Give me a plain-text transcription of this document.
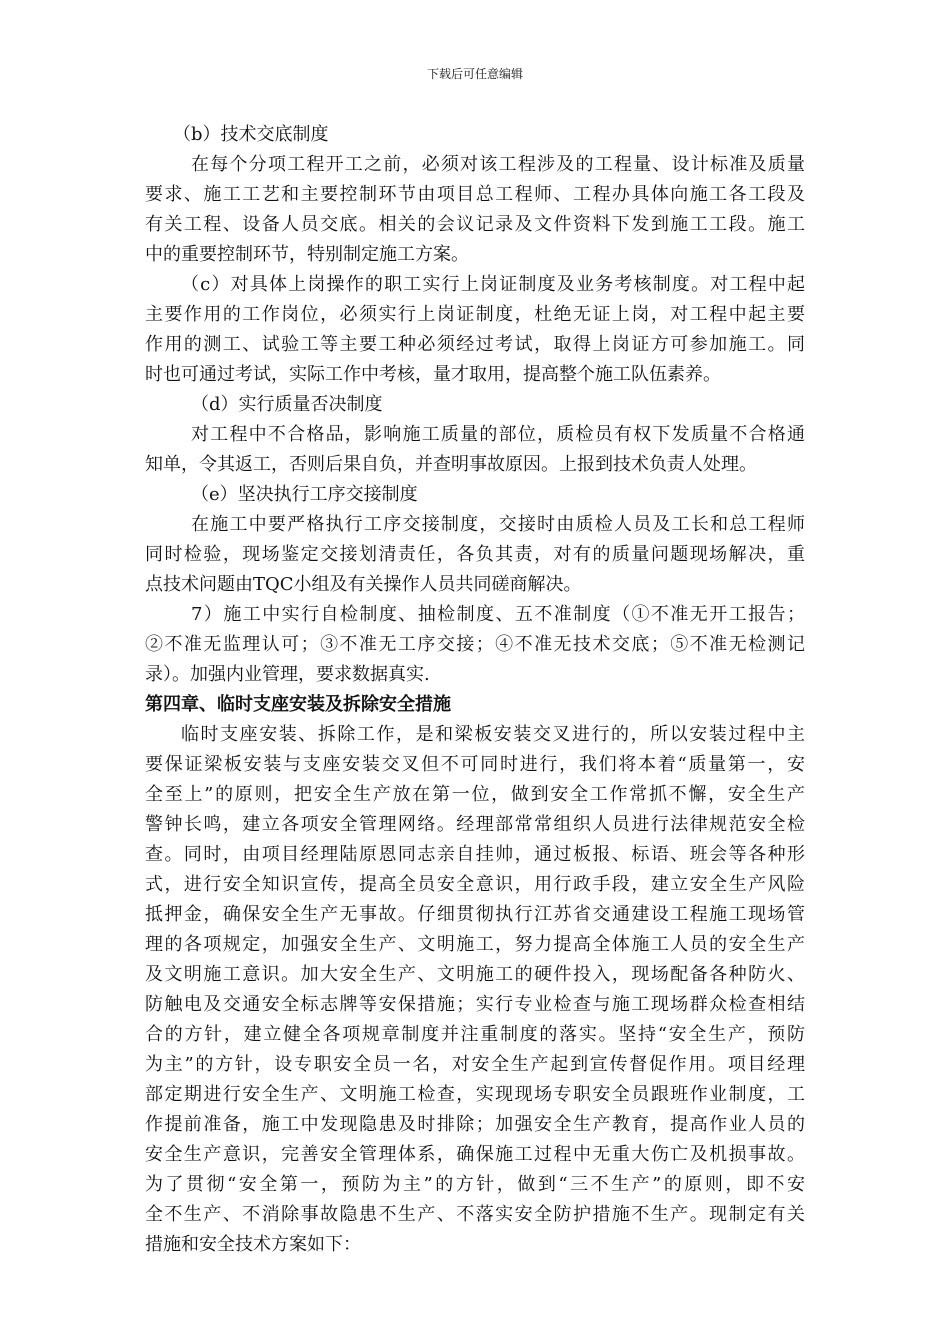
下载后可任意编辑
（b）技术交底制度
在每个分项工程开工之前，必须对该工程涉及的工程量、设计标准及质量
要求、施工工艺和主要控制环节由项目总工程师、工程办具体向施工各工段及
有关工程、设备人员交底。相关的会议记录及文件资料下发到施工工段。施工
中的重要控制环节，特别制定施工方案。
（c）对具体上岗操作的职工实行上岗证制度及业务考核制度。对工程中起
主要作用的工作岗位，必须实行上岗证制度，杜绝无证上岗，对工程中起主要
作用的测工、试验工等主要工种必须经过考试，取得上岗证方可参加施工。同
时也可通过考试，实际工作中考核，量才取用，提高整个施工队伍素养。
（d）实行质量否决制度
对工程中不合格品，影响施工质量的部位，质检员有权下发质量不合格通
知单，令其返工，否则后果自负，并查明事故原因。上报到技术负责人处理。
（e）坚决执行工序交接制度
在施工中要严格执行工序交接制度，交接时由质检人员及工长和总工程师
同时检验，现场鉴定交接划清责任，各负其责，对有的质量问题现场解决，重
点技术问题由TQC小组及有关操作人员共同磋商解决。
7）施工中实行自检制度、抽检制度、五不准制度（①不准无开工报告；
②不准无监理认可；③不准无工序交接；④不准无技术交底；⑤不准无检测记
录）。加强内业管理，要求数据真实.
第四章、临时支座安装及拆除安全措施
临时支座安装、拆除工作，是和梁板安装交叉进行的，所以安装过程中主
要保证梁板安装与支座安装交叉但不可同时进行，我们将本着“质量第一，安
全至上”的原则，把安全生产放在第一位，做到安全工作常抓不懈，安全生产
警钟长鸣，建立各项安全管理网络。经理部常常组织人员进行法律规范安全检
查。同时，由项目经理陆原恩同志亲自挂帅，通过板报、标语、班会等各种形
式，进行安全知识宣传，提高全员安全意识，用行政手段，建立安全生产风险
抵押金，确保安全生产无事故。仔细贯彻执行江苏省交通建设工程施工现场管
理的各项规定，加强安全生产、文明施工，努力提高全体施工人员的安全生产
及文明施工意识。加大安全生产、文明施工的硬件投入，现场配备各种防火、
防触电及交通安全标志牌等安保措施；实行专业检查与施工现场群众检查相结
合的方针，建立健全各项规章制度并注重制度的落实。坚持“安全生产，预防
为主”的方针，设专职安全员一名，对安全生产起到宣传督促作用。项目经理
部定期进行安全生产、文明施工检查，实现现场专职安全员跟班作业制度，工
作提前准备，施工中发现隐患及时排除；加强安全生产教育，提高作业人员的
安全生产意识，完善安全管理体系，确保施工过程中无重大伤亡及机损事故。
为了贯彻“安全第一，预防为主”的方针，做到“三不生产”的原则，即不安
全不生产、不消除事故隐患不生产、不落实安全防护措施不生产。现制定有关
措施和安全技术方案如下：
